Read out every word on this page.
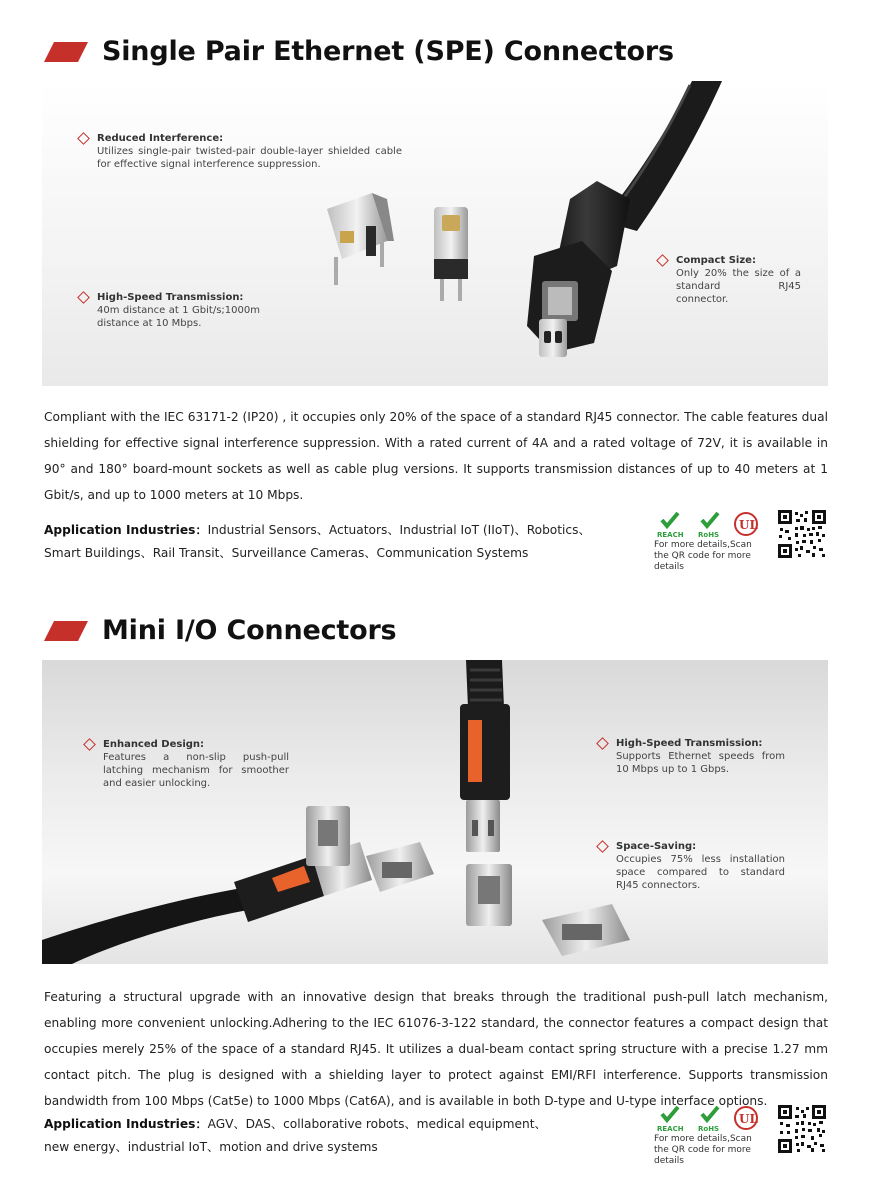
Single Pair Ethernet (SPE) Connectors
Reduced Interference:
Utilizes single-pair twisted-pair double-layer shielded cable for effective signal interference suppression.
High-Speed Transmission:
40m distance at 1 Gbit/s;1000m distance at 10 Mbps.
Compact Size:
Only 20% the size of a standard RJ45 connector.
Compliant with the IEC 63171-2 (IP20) , it occupies only 20% of the space of a standard RJ45 connector. The cable features dual shielding for effective signal interference suppression. With a rated current of 4A and a rated voltage of 72V, it is available in 90° and 180° board-mount sockets as well as cable plug versions. It supports transmission distances of up to 40 meters at 1 Gbit/s, and up to 1000 meters at 10 Mbps.
Application Industries：Industrial Sensors、Actuators、Industrial IoT (IIoT)、Robotics、
Smart Buildings、Rail Transit、Surveillance Cameras、Communication Systems
REACH RoHS
UL
For more details,Scan the QR code for more details
Mini I/O Connectors
Enhanced Design:
Features a non-slip push-pull latching mechanism for smoother and easier unlocking.
High-Speed Transmission:
Supports Ethernet speeds from 10 Mbps up to 1 Gbps.
Space-Saving:
Occupies 75% less installation space compared to standard RJ45 connectors.
Featuring a structural upgrade with an innovative design that breaks through the traditional push-pull latch mechanism, enabling more convenient unlocking.Adhering to the IEC 61076-3-122 standard, the connector features a compact design that occupies merely 25% of the space of a standard RJ45. It utilizes a dual-beam contact spring structure with a precise 1.27 mm contact pitch. The plug is designed with a shielding layer to protect against EMI/RFI interference. Supports transmission bandwidth from 100 Mbps (Cat5e) to 1000 Mbps (Cat6A), and is available in both D-type and U-type interface options.
Application Industries：AGV、DAS、collaborative robots、medical equipment、
new energy、industrial IoT、motion and drive systems
REACH RoHS
UL
For more details,Scan the QR code for more details
